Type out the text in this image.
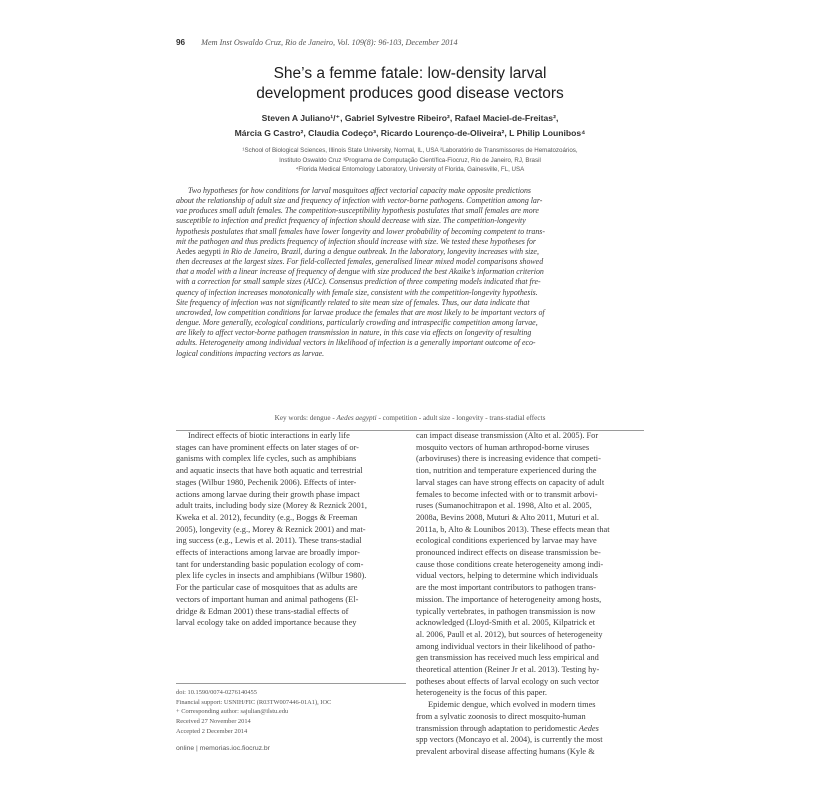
96 Mem Inst Oswaldo Cruz, Rio de Janeiro, Vol. 109(8): 96-103, December 2014
She’s a femme fatale: low-density larval
development produces good disease vectors
Steven A Juliano¹/⁺, Gabriel Sylvestre Ribeiro², Rafael Maciel-de-Freitas²,
Márcia G Castro², Claudia Codeço³, Ricardo Lourenço-de-Oliveira², L Philip Lounibos⁴
¹School of Biological Sciences, Illinois State University, Normal, IL, USA ²Laboratório de Transmissores de Hematozoários,
Instituto Oswaldo Cruz ³Programa de Computação Científica-Fiocruz, Rio de Janeiro, RJ, Brasil
⁴Florida Medical Entomology Laboratory, University of Florida, Gainesville, FL, USA
Two hypotheses for how conditions for larval mosquitoes affect vectorial capacity make opposite predictions
about the relationship of adult size and frequency of infection with vector-borne pathogens. Competition among lar-
vae produces small adult females. The competition-susceptibility hypothesis postulates that small females are more
susceptible to infection and predict frequency of infection should decrease with size. The competition-longevity
hypothesis postulates that small females have lower longevity and lower probability of becoming competent to trans-
mit the pathogen and thus predicts frequency of infection should increase with size. We tested these hypotheses for
Aedes aegypti in Rio de Janeiro, Brazil, during a dengue outbreak. In the laboratory, longevity increases with size,
then decreases at the largest sizes. For field-collected females, generalised linear mixed model comparisons showed
that a model with a linear increase of frequency of dengue with size produced the best Akaike’s information criterion
with a correction for small sample sizes (AICc). Consensus prediction of three competing models indicated that fre-
quency of infection increases monotonically with female size, consistent with the competition-longevity hypothesis.
Site frequency of infection was not significantly related to site mean size of females. Thus, our data indicate that
uncrowded, low competition conditions for larvae produce the females that are most likely to be important vectors of
dengue. More generally, ecological conditions, particularly crowding and intraspecific competition among larvae,
are likely to affect vector-borne pathogen transmission in nature, in this case via effects on longevity of resulting
adults. Heterogeneity among individual vectors in likelihood of infection is a generally important outcome of eco-
logical conditions impacting vectors as larvae.
Key words: dengue - Aedes aegypti - competition - adult size - longevity - trans-stadial effects
Indirect effects of biotic interactions in early life
stages can have prominent effects on later stages of or-
ganisms with complex life cycles, such as amphibians
and aquatic insects that have both aquatic and terrestrial
stages (Wilbur 1980, Pechenik 2006). Effects of inter-
actions among larvae during their growth phase impact
adult traits, including body size (Morey & Reznick 2001,
Kweka et al. 2012), fecundity (e.g., Boggs & Freeman
2005), longevity (e.g., Morey & Reznick 2001) and mat-
ing success (e.g., Lewis et al. 2011). These trans-stadial
effects of interactions among larvae are broadly impor-
tant for understanding basic population ecology of com-
plex life cycles in insects and amphibians (Wilbur 1980).
For the particular case of mosquitoes that as adults are
vectors of important human and animal pathogens (El-
dridge & Edman 2001) these trans-stadial effects of
larval ecology take on added importance because they
can impact disease transmission (Alto et al. 2005). For
mosquito vectors of human arthropod-borne viruses
(arboviruses) there is increasing evidence that competi-
tion, nutrition and temperature experienced during the
larval stages can have strong effects on capacity of adult
females to become infected with or to transmit arbovi-
ruses (Sumanochitrapon et al. 1998, Alto et al. 2005,
2008a, Bevins 2008, Muturi & Alto 2011, Muturi et al.
2011a, b, Alto & Lounibos 2013). These effects mean that
ecological conditions experienced by larvae may have
pronounced indirect effects on disease transmission be-
cause those conditions create heterogeneity among indi-
vidual vectors, helping to determine which individuals
are the most important contributors to pathogen trans-
mission. The importance of heterogeneity among hosts,
typically vertebrates, in pathogen transmission is now
acknowledged (Lloyd-Smith et al. 2005, Kilpatrick et
al. 2006, Paull et al. 2012), but sources of heterogeneity
among individual vectors in their likelihood of patho-
gen transmission has received much less empirical and
theoretical attention (Reiner Jr et al. 2013). Testing hy-
potheses about effects of larval ecology on such vector
heterogeneity is the focus of this paper.
Epidemic dengue, which evolved in modern times
from a sylvatic zoonosis to direct mosquito-human
transmission through adaptation to peridomestic Aedes
spp vectors (Moncayo et al. 2004), is currently the most
prevalent arboviral disease affecting humans (Kyle &
doi: 10.1590/0074-0276140455
Financial support: USNIH/FIC (R03TW007446-01A1), IOC
+ Corresponding author: sajulian@ilstu.edu
Received 27 November 2014
Accepted 2 December 2014
online | memorias.ioc.fiocruz.br
